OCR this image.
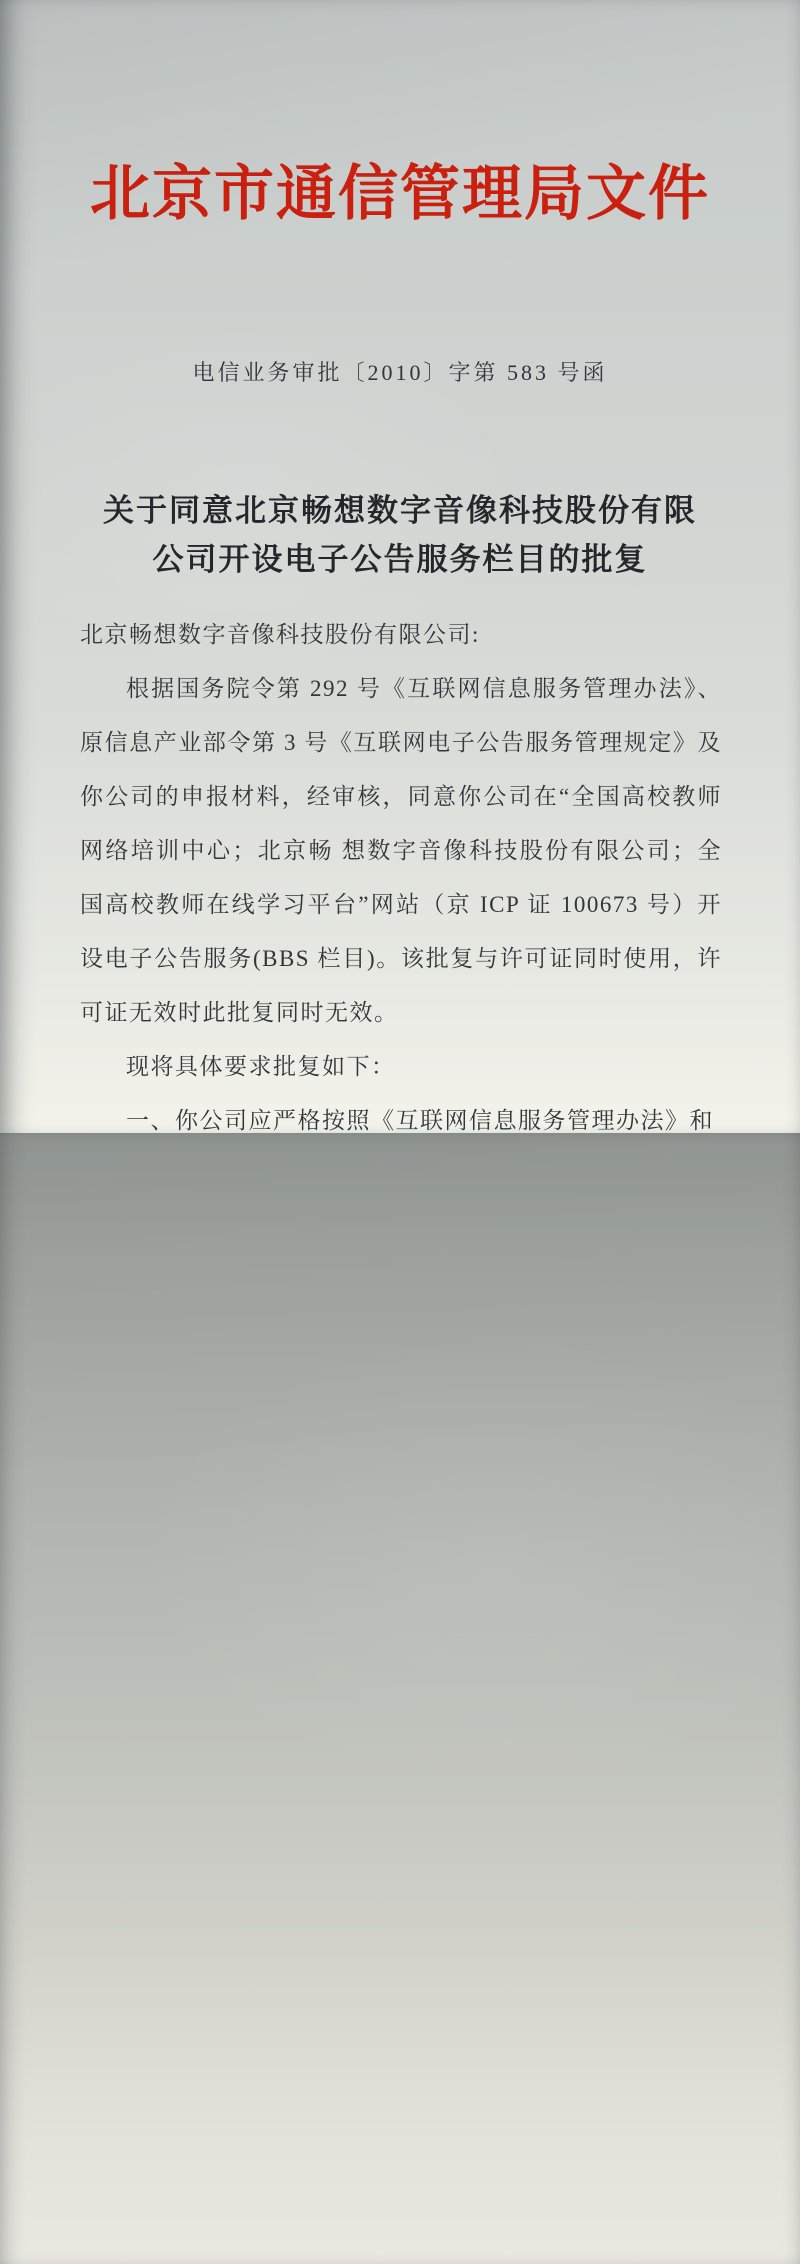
北京市通信管理局文件
电信业务审批〔2010〕字第 583 号函
关于同意北京畅想数字音像科技股份有限
公司开设电子公告服务栏目的批复

北京畅想数字音像科技股份有限公司:

根据国务院令第 292 号《互联网信息服务管理办法》、原信息产业部令第 3 号《互联网电子公告服务管理规定》及你公司的申报材料，经审核，同意你公司在“全国高校教师网络培训中心；北京畅 想数字音像科技股份有限公司；全国高校教师在线学习平台”网站（京 ICP 证 100673 号）开设电子公告服务(BBS 栏目)。该批复与许可证同时使用，许可证无效时此批复同时无效。

现将具体要求批复如下：

一、你公司应严格按照《互联网信息服务管理办法》和
